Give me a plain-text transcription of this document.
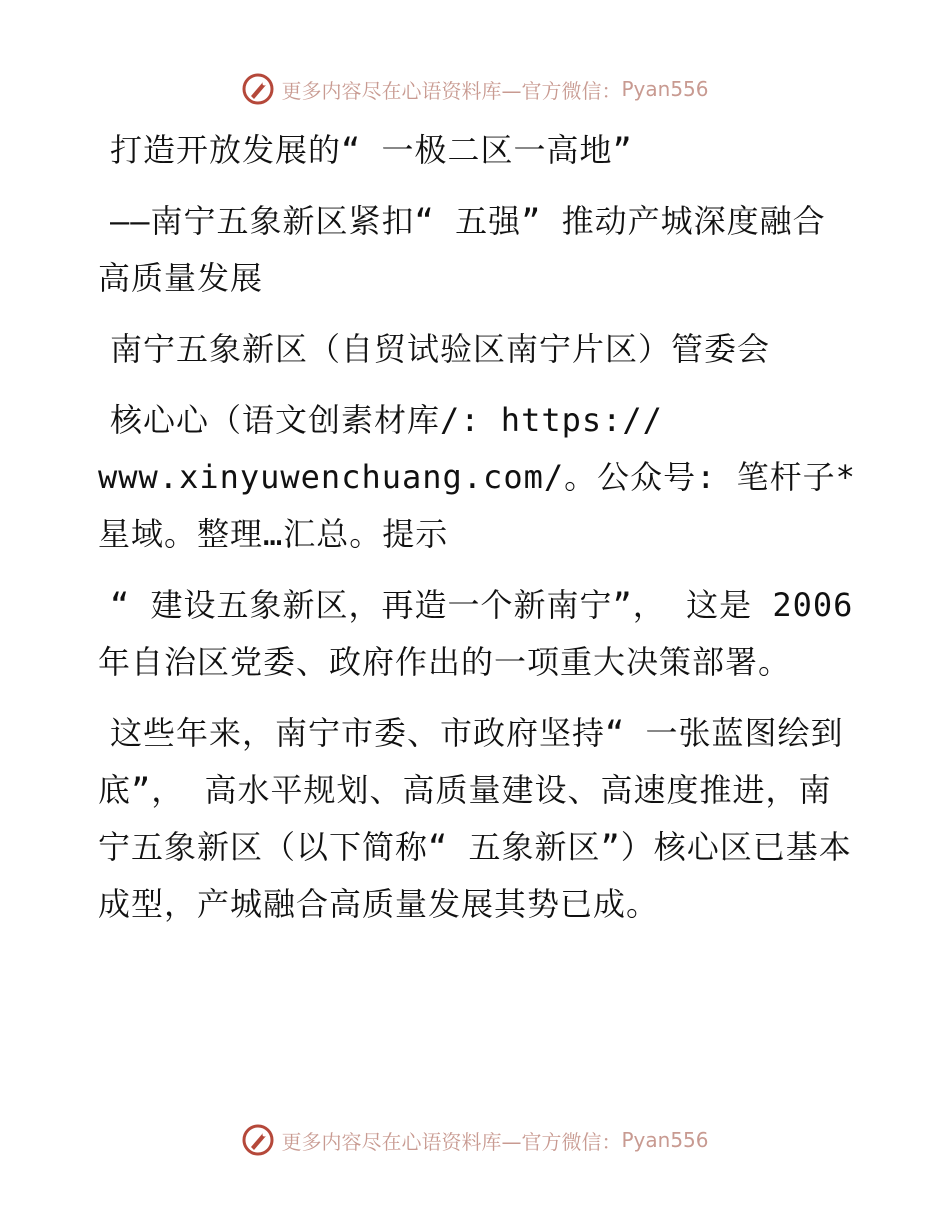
更多内容尽在心语资料库—官方微信： Pyan556

打造开放发展的“ 一极二区一高地”

——南宁五象新区紧扣“ 五强” 推动产城深度融合高质量发展

南宁五象新区（自贸试验区南宁片区）管委会

核心心（语文创素材库/: https:// www.xinyuwenchuang.com/。公众号: 笔杆子*星域。整理…汇总。提示

“ 建设五象新区，再造一个新南宁”， 这是 2006 年自治区党委、政府作出的一项重大决策部署。

这些年来，南宁市委、市政府坚持“ 一张蓝图绘到底”， 高水平规划、高质量建设、高速度推进，南宁五象新区（以下简称“ 五象新区”）核心区已基本成型，产城融合高质量发展其势已成。

更多内容尽在心语资料库—官方微信： Pyan556
